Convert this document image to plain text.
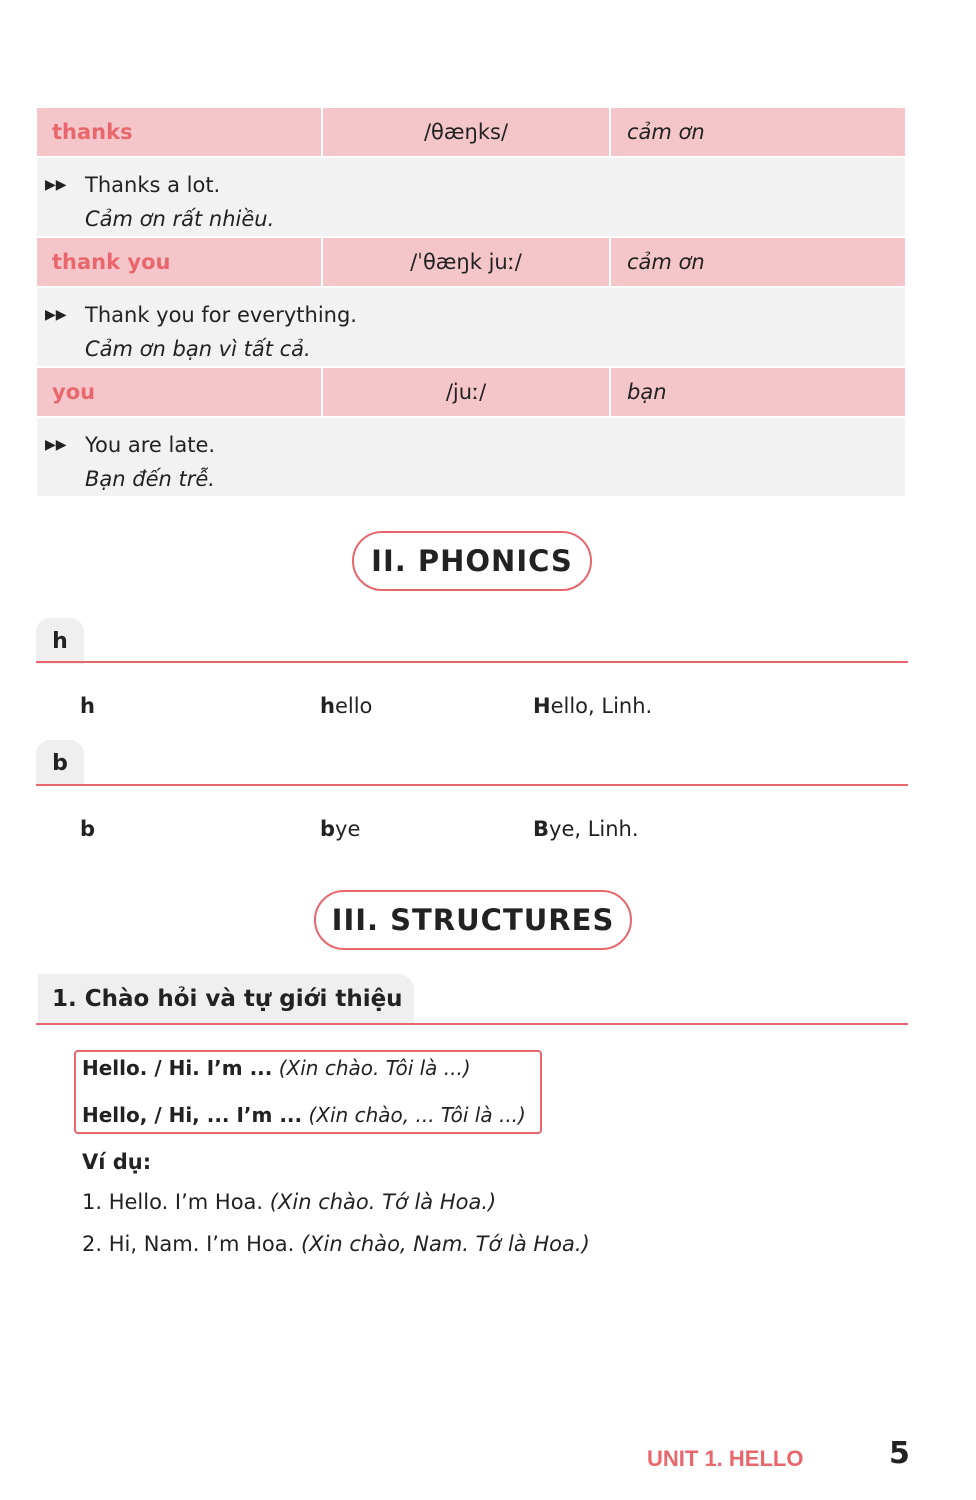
thanks	/θæŋks/	cảm ơn
▶▶ Thanks a lot.
Cảm ơn rất nhiều.
thank you	/ˈθæŋk juː/	cảm ơn
▶▶ Thank you for everything.
Cảm ơn bạn vì tất cả.
you	/juː/	bạn
▶▶ You are late.
Bạn đến trễ.
II. PHONICS
h
h	hello	Hello, Linh.
b
b	bye	Bye, Linh.
III. STRUCTURES
1. Chào hỏi và tự giới thiệu
Hello. / Hi. I’m ... (Xin chào. Tôi là ...)
Hello, / Hi, ... I’m ... (Xin chào, ... Tôi là ...)
Ví dụ:
1. Hello. I’m Hoa. (Xin chào. Tớ là Hoa.)
2. Hi, Nam. I’m Hoa. (Xin chào, Nam. Tớ là Hoa.)
UNIT 1. HELLO	5
